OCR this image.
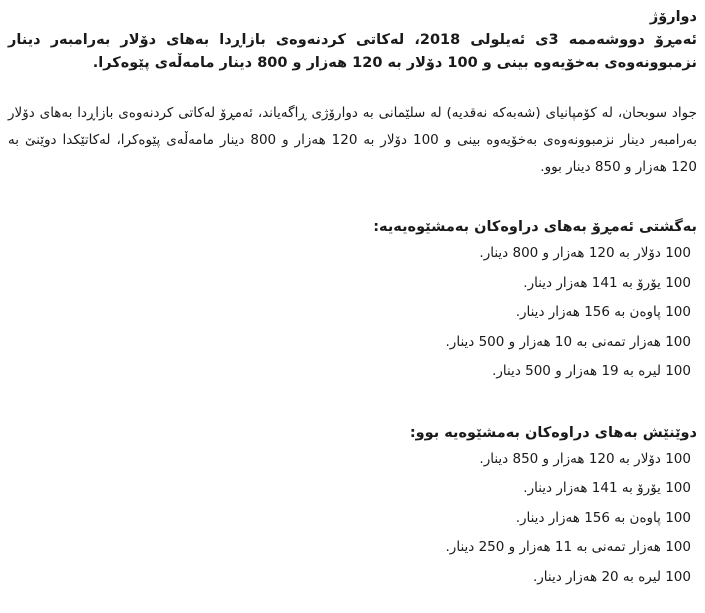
دوارۆژ
ئەمڕۆ دووشەممە 3ی ئەیلولی 2018، لەکاتی کردنەوەی بازاڕدا بەهای دۆلار بەرامبەر دینار نزمبوونەوەی بەخۆیەوە بینی و 100 دۆلار بە 120 هەزار و 800 دینار مامەڵەی پێوەکرا.

جواد سوبحان، لە کۆمپانیای (شەبەکە نەقدیە) لە سلێمانی بە دوارۆژی ڕاگەیاند، ئەمڕۆ لەکاتی کردنەوەی بازاڕدا بەهای دۆلار بەرامبەر دینار نزمبوونەوەی بەخۆیەوە بینی و 100 دۆلار بە 120 هەزار و 800 دینار مامەڵەی پێوەکرا، لەکاتێکدا دوێنێ بە 120 هەزار و 850 دینار بوو.

بەگشتی ئەمڕۆ بەهای دراوەکان بەمشێوەیەیە:

100 دۆلار بە 120 هەزار و 800 دینار.
100 یۆرۆ بە 141 هەزار دینار.
100 پاوەن بە 156 هەزار دینار.
100 هەزار تمەنی بە 10 هەزار و 500 دینار.
100 لیرە بە 19 هەزار و 500 دینار.

دوێنێش بەهای دراوەکان بەمشێوەیە بوو:

100 دۆلار بە 120 هەزار و 850 دینار.
100 یۆرۆ بە 141 هەزار دینار.
100 پاوەن بە 156 هەزار دینار.
100 هەزار تمەنی بە 11 هەزار و 250 دینار.
100 لیرە بە 20 هەزار دینار.
